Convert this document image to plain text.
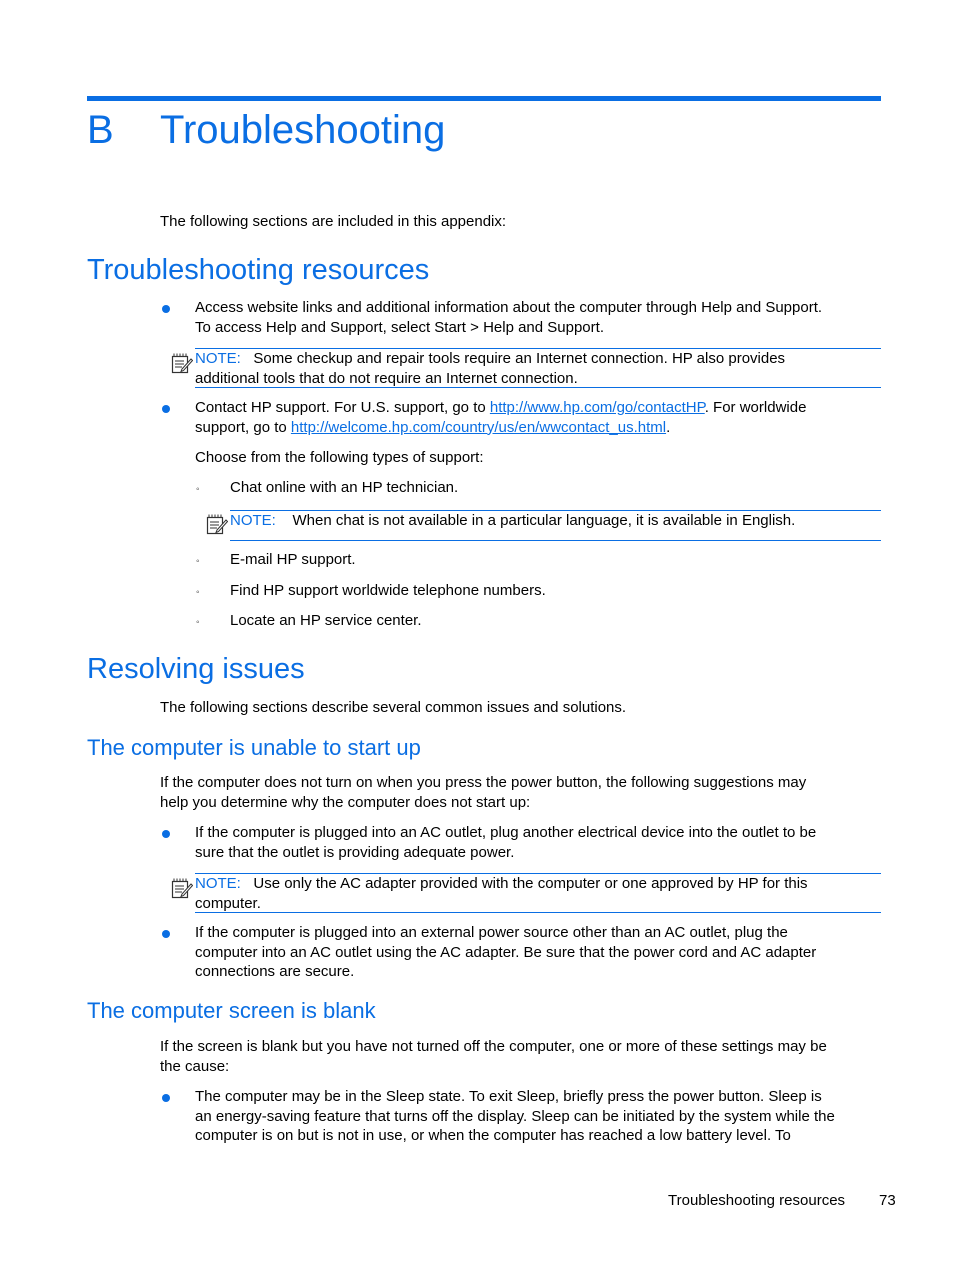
B Troubleshooting
The following sections are included in this appendix:
Troubleshooting resources
Access website links and additional information about the computer through Help and Support.
To access Help and Support, select Start > Help and Support.
NOTE: Some checkup and repair tools require an Internet connection. HP also provides
additional tools that do not require an Internet connection.
Contact HP support. For U.S. support, go to http://www.hp.com/go/contactHP. For worldwide
support, go to http://welcome.hp.com/country/us/en/wwcontact_us.html.
Choose from the following types of support:
◦ Chat online with an HP technician.
NOTE: When chat is not available in a particular language, it is available in English.
◦ E-mail HP support.
◦ Find HP support worldwide telephone numbers.
◦ Locate an HP service center.
Resolving issues
The following sections describe several common issues and solutions.
The computer is unable to start up
If the computer does not turn on when you press the power button, the following suggestions may
help you determine why the computer does not start up:
If the computer is plugged into an AC outlet, plug another electrical device into the outlet to be
sure that the outlet is providing adequate power.
NOTE: Use only the AC adapter provided with the computer or one approved by HP for this
computer.
If the computer is plugged into an external power source other than an AC outlet, plug the
computer into an AC outlet using the AC adapter. Be sure that the power cord and AC adapter
connections are secure.
The computer screen is blank
If the screen is blank but you have not turned off the computer, one or more of these settings may be
the cause:
The computer may be in the Sleep state. To exit Sleep, briefly press the power button. Sleep is
an energy-saving feature that turns off the display. Sleep can be initiated by the system while the
computer is on but is not in use, or when the computer has reached a low battery level. To
Troubleshooting resources 73
